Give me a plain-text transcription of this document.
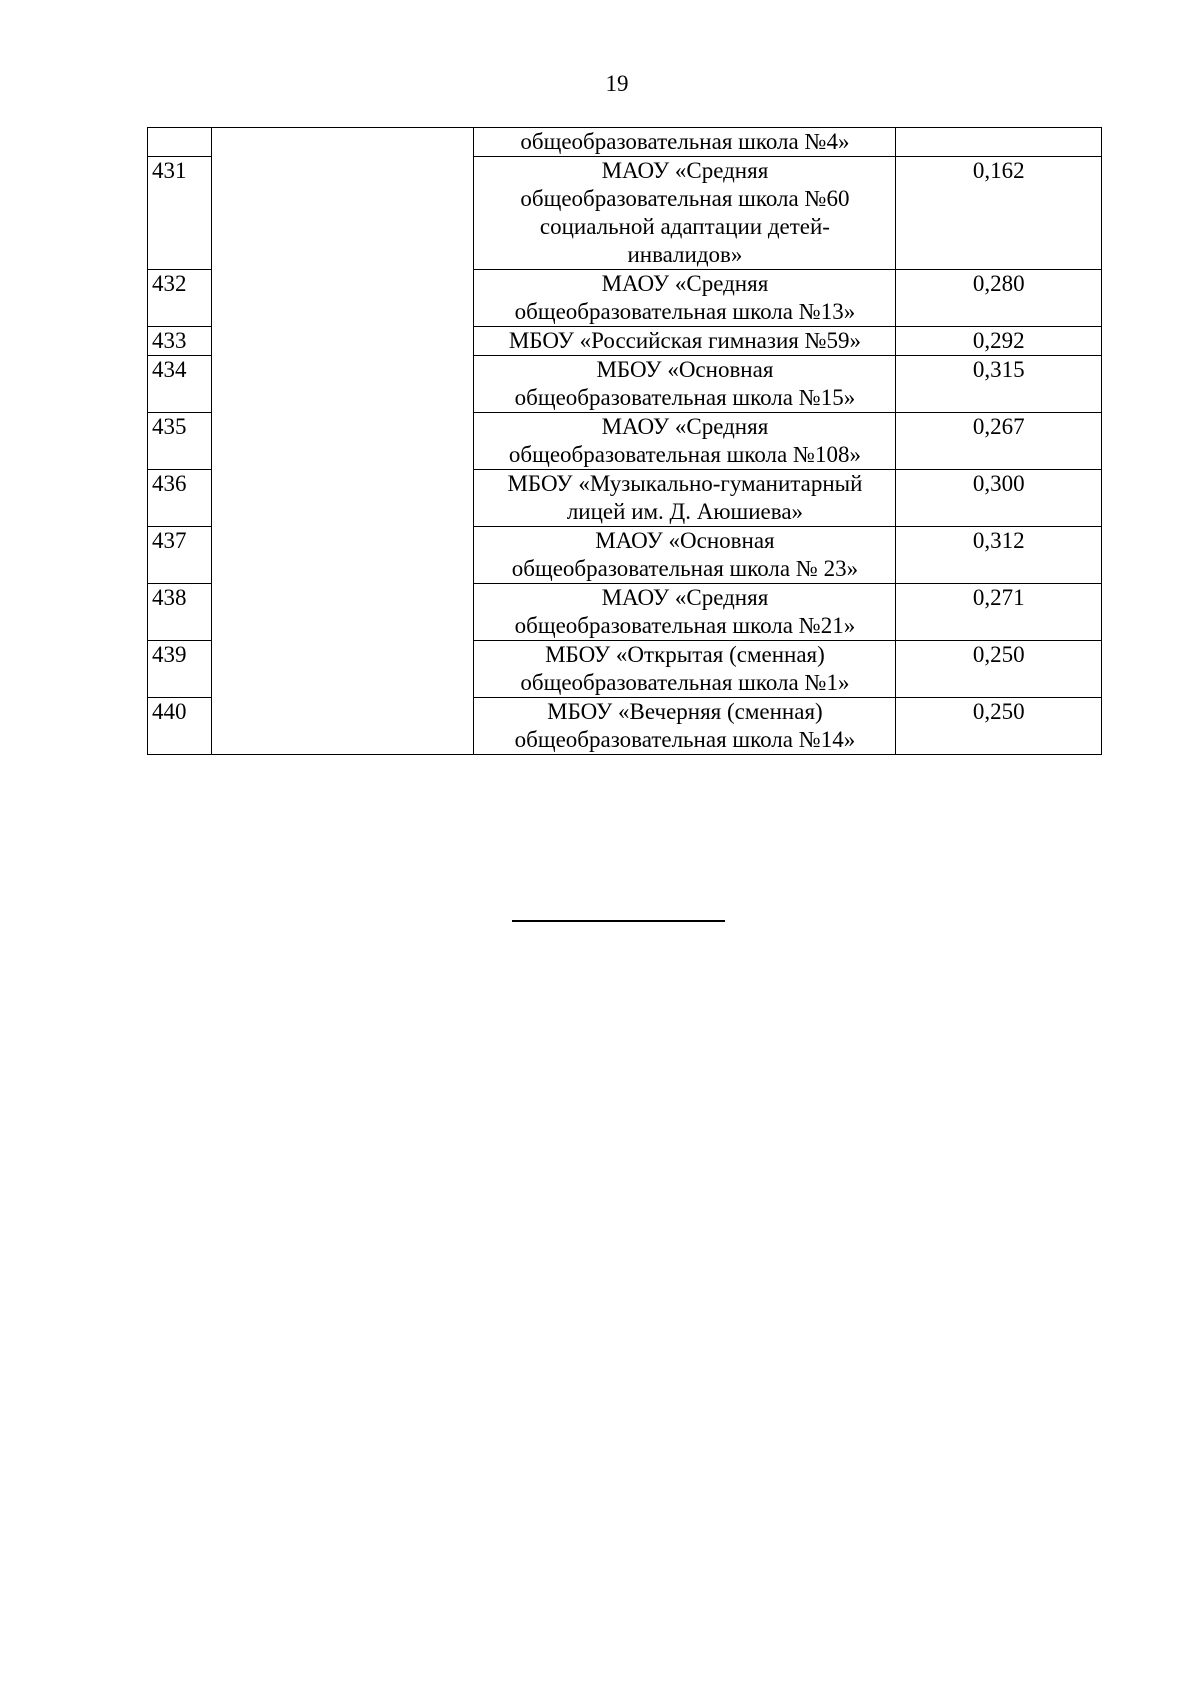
19

		общеобразовательная школа №4»	

431		МАОУ «Средняя
общеобразовательная школа №60
социальной адаптации детей-
инвалидов»	0,162
432		МАОУ «Средняя
общеобразовательная школа №13»	0,280
433		МБОУ «Российская гимназия №59»	0,292
434		МБОУ «Основная
общеобразовательная школа №15»	0,315
435		МАОУ «Средняя
общеобразовательная школа №108»	0,267
436		МБОУ «Музыкально-гуманитарный
лицей им. Д. Аюшиева»	0,300
437		МАОУ «Основная
общеобразовательная школа № 23»	0,312
438		МАОУ «Средняя
общеобразовательная школа №21»	0,271
439		МБОУ «Открытая (сменная)
общеобразовательная школа №1»	0,250
440		МБОУ «Вечерняя (сменная)
общеобразовательная школа №14»	0,250
